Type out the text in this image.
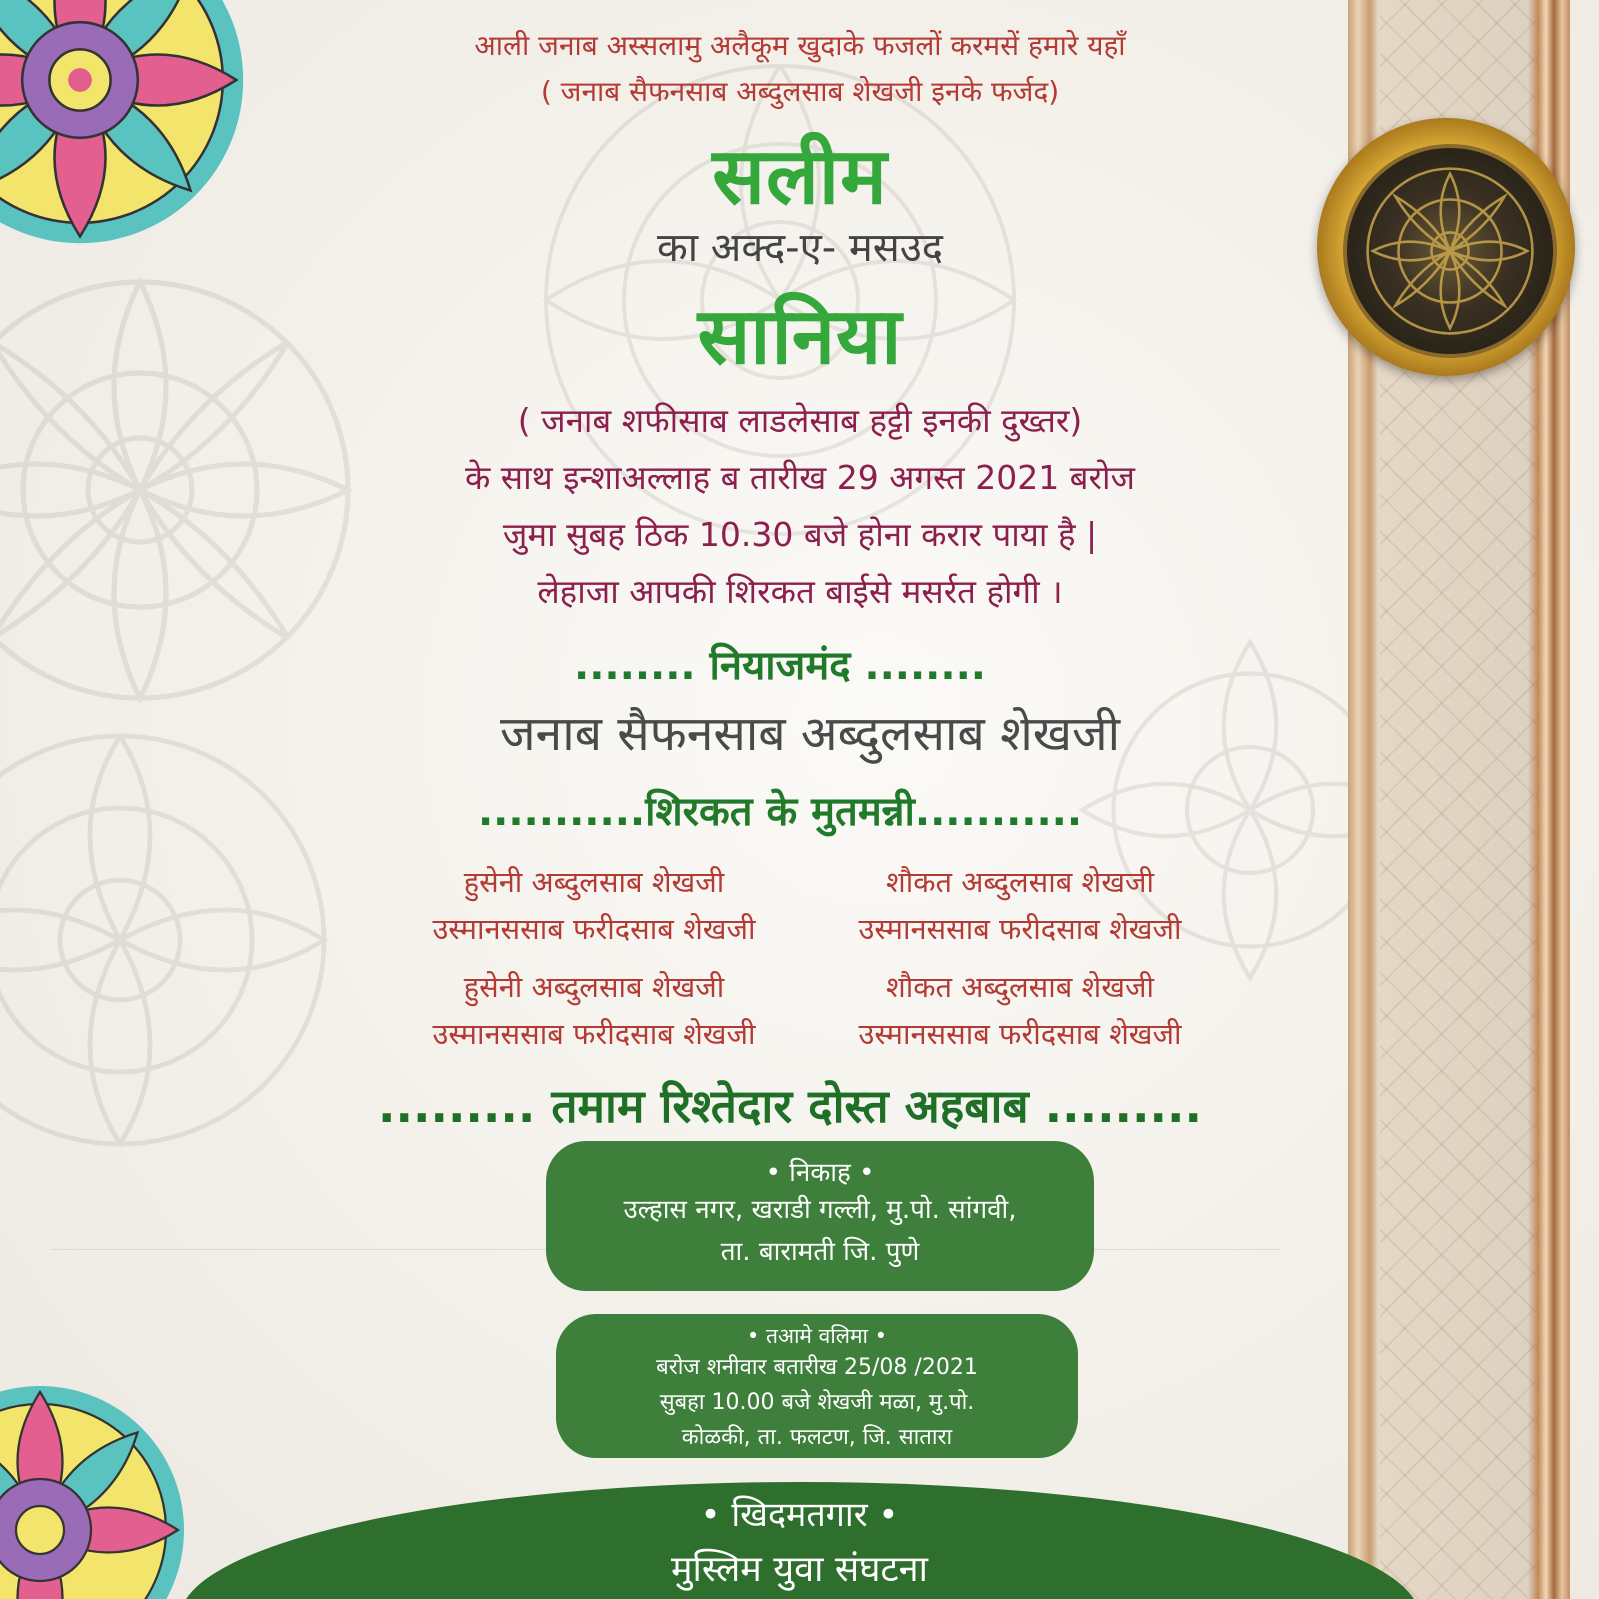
आली जनाब अस्सलामु अलैकूम खुदाके फजलों करमसें हमारे यहाँ

( जनाब सैफनसाब अब्दुलसाब शेखजी इनके फर्जद)

सलीम

का अक्द-ए- मसउद

सानिया

( जनाब शफीसाब लाडलेसाब हट्टी इनकी दुख्तर)

के साथ इन्शाअल्लाह ब तारीख 29 अगस्त 2021 बरोज

जुमा सुबह ठिक 10.30 बजे होना करार पाया है |

लेहाजा आपकी शिरकत बाईसे मसर्रत होगी ।

........ नियाजमंद ........

जनाब सैफनसाब अब्दुलसाब शेखजी

...........शिरकत के मुतमन्नी...........

हुसेनी अब्दुलसाब शेखजी
उस्मानससाब फरीदसाब शेखजी
हुसेनी अब्दुलसाब शेखजी
उस्मानससाब फरीदसाब शेखजी
शौकत अब्दुलसाब शेखजी
उस्मानससाब फरीदसाब शेखजी
शौकत अब्दुलसाब शेखजी
उस्मानससाब फरीदसाब शेखजी

......... तमाम रिश्तेदार दोस्त अहबाब .........

• निकाह •

उल्हास नगर, खराडी गल्ली, मु.पो. सांगवी,
ता. बारामती जि. पुणे

• तआमे वलिमा •

बरोज शनीवार बतारीख 25/08 /2021
सुबहा 10.00 बजे शेखजी मळा, मु.पो.
कोळकी, ता. फलटण, जि. सातारा
• खिदमतगार •
मुस्लिम युवा संघटना
